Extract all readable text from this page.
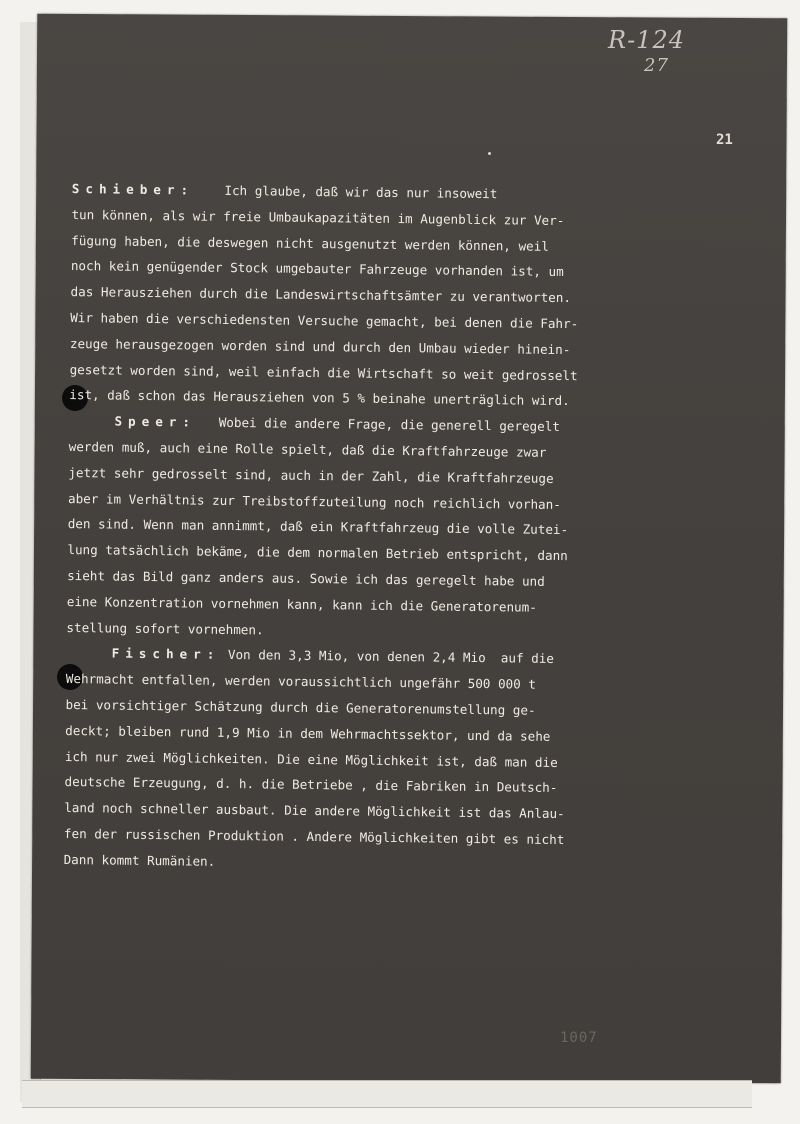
R-124
27
21
Schieber: Ich glaube, daß wir das nur insoweit
tun können, als wir freie Umbaukapazitäten im Augenblick zur Ver-
fügung haben, die deswegen nicht ausgenutzt werden können, weil
noch kein genügender Stock umgebauter Fahrzeuge vorhanden ist, um
das Herausziehen durch die Landeswirtschaftsämter zu verantworten.
Wir haben die verschiedensten Versuche gemacht, bei denen die Fahr-
zeuge herausgezogen worden sind und durch den Umbau wieder hinein-
gesetzt worden sind, weil einfach die Wirtschaft so weit gedrosselt
ist, daß schon das Herausziehen von 5 % beinahe unerträglich wird.
Speer: Wobei die andere Frage, die generell geregelt
werden muß, auch eine Rolle spielt, daß die Kraftfahrzeuge zwar
jetzt sehr gedrosselt sind, auch in der Zahl, die Kraftfahrzeuge
aber im Verhältnis zur Treibstoffzuteilung noch reichlich vorhan-
den sind. Wenn man annimmt, daß ein Kraftfahrzeug die volle Zutei-
lung tatsächlich bekäme, die dem normalen Betrieb entspricht, dann
sieht das Bild ganz anders aus. Sowie ich das geregelt habe und
eine Konzentration vornehmen kann, kann ich die Generatorenum-
stellung sofort vornehmen.
Fischer: Von den 3,3 Mio, von denen 2,4 Mio  auf die
Wehrmacht entfallen, werden voraussichtlich ungefähr 500 000 t
bei vorsichtiger Schätzung durch die Generatorenumstellung ge-
deckt; bleiben rund 1,9 Mio in dem Wehrmachtssektor, und da sehe
ich nur zwei Möglichkeiten. Die eine Möglichkeit ist, daß man die
deutsche Erzeugung, d. h. die Betriebe , die Fabriken in Deutsch-
land noch schneller ausbaut. Die andere Möglichkeit ist das Anlau-
fen der russischen Produktion . Andere Möglichkeiten gibt es nicht
Dann kommt Rumänien.
1007
